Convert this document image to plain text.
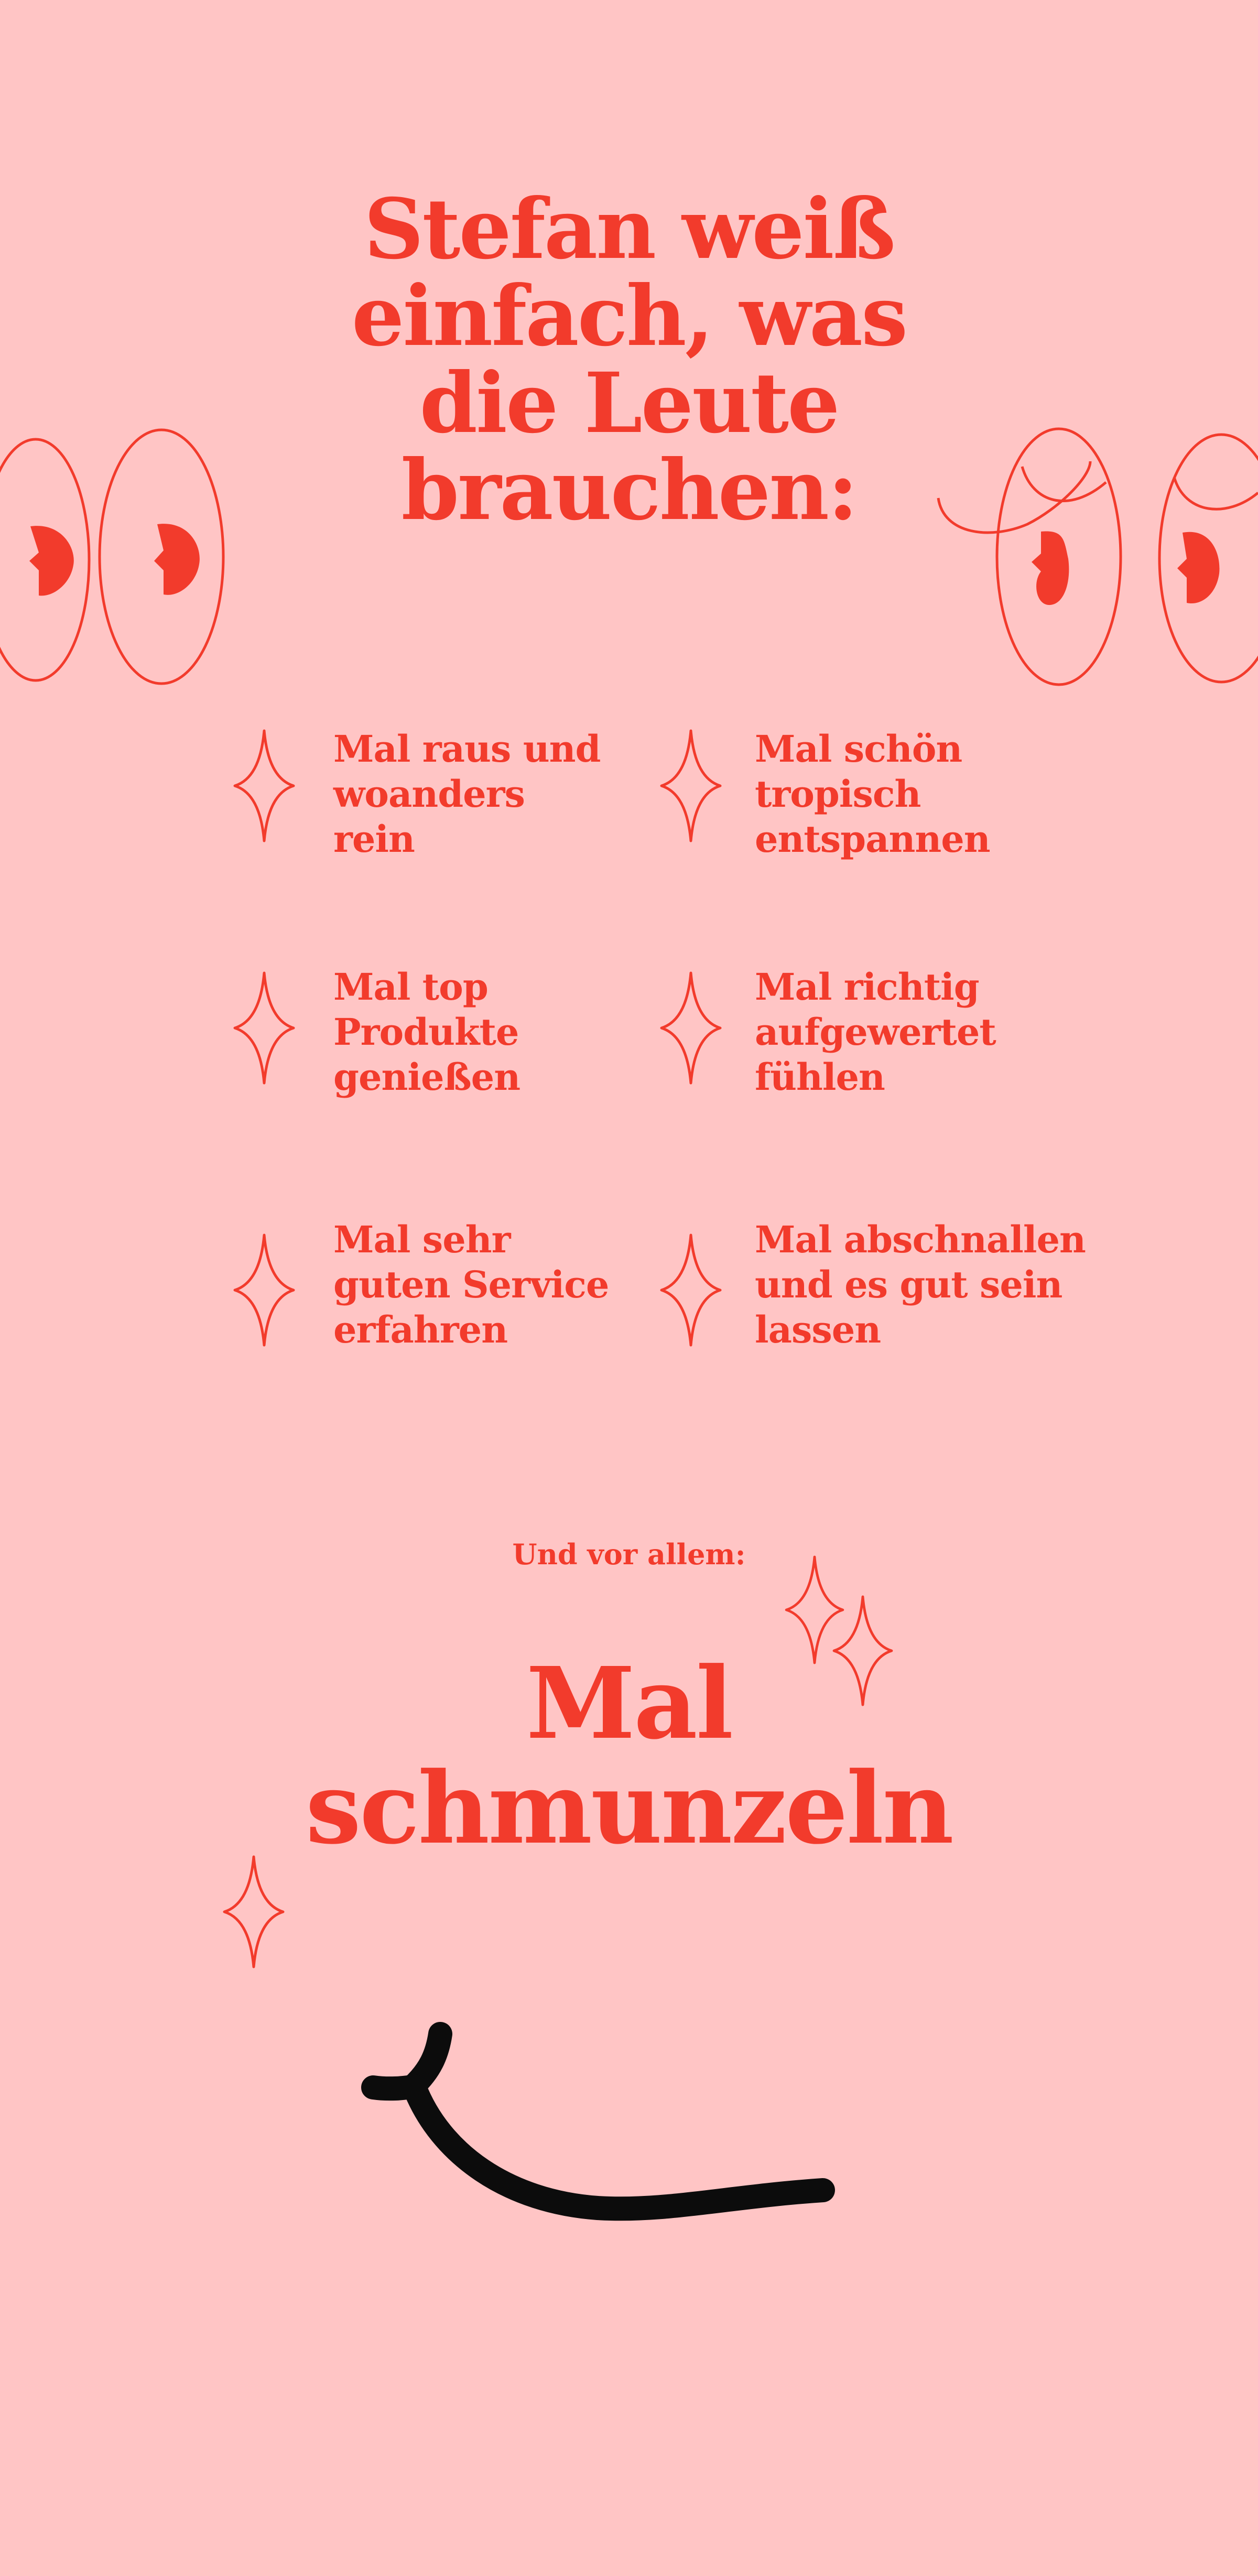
Stefan weiß
einfach, was
die Leute
brauchen:

Mal raus und
woanders
rein

Mal schön
tropisch
entspannen

Mal top
Produkte
genießen

Mal richtig
aufgewertet
fühlen

Mal sehr
guten Service
erfahren

Mal abschnallen
und es gut sein
lassen

Und vor allem:

Mal
schmunzeln
